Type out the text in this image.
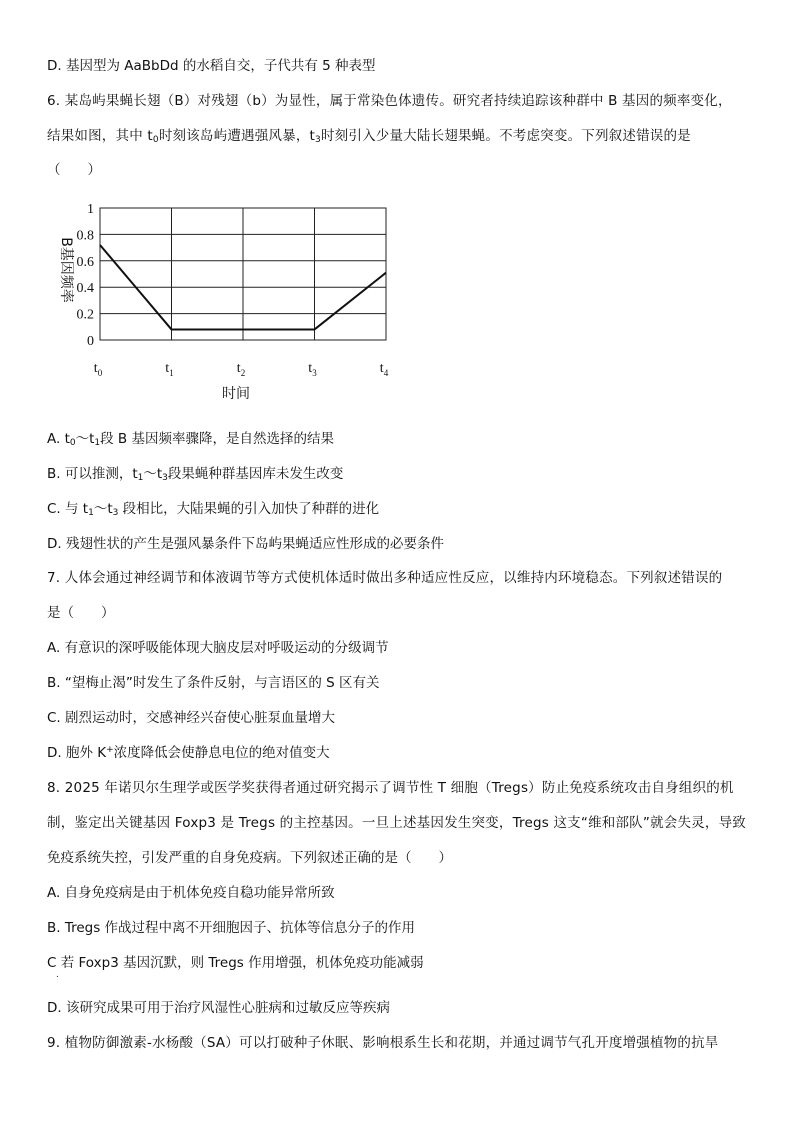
D. 基因型为 AaBbDd 的水稻自交，子代共有 5 种表型
6. 某岛屿果蝇长翅（B）对残翅（b）为显性，属于常染色体遗传。研究者持续追踪该种群中 B 基因的频率变化，
结果如图，其中 $t_0$时刻该岛屿遭遇强风暴，$t_3$时刻引入少量大陆长翅果蝇。不考虑突变。下列叙述错误的是
（　　）
1
0.8
0.6
0.4
0.2
0
$t_0$	$t_1$	$t_2$	$t_3$	$t_4$
B基因频率
时间
A. $t_0\sim t_1$段 B 基因频率骤降，是自然选择的结果
B. 可以推测，$t_1\sim t_3$段果蝇种群基因库未发生改变
C. 与 $t_1\sim t_3$ 段相比，大陆果蝇的引入加快了种群的进化
D. 残翅性状的产生是强风暴条件下岛屿果蝇适应性形成的必要条件
7. 人体会通过神经调节和体液调节等方式使机体适时做出多种适应性反应，以维持内环境稳态。下列叙述错误的
是（　　）
A. 有意识的深呼吸能体现大脑皮层对呼吸运动的分级调节
B. “望梅止渴”时发生了条件反射，与言语区的 S 区有关
C. 剧烈运动时，交感神经兴奋使心脏泵血量增大
D. 胞外 K+浓度降低会使静息电位的绝对值变大
8. 2025 年诺贝尔生理学或医学奖获得者通过研究揭示了调节性 T 细胞（Tregs）防止免疫系统攻击自身组织的机
制，鉴定出关键基因 Foxp3 是 Tregs 的主控基因。一旦上述基因发生突变，Tregs 这支“维和部队”就会失灵，导致
免疫系统失控，引发严重的自身免疫病。下列叙述正确的是（　　）
A. 自身免疫病是由于机体免疫自稳功能异常所致
B. Tregs 作战过程中离不开细胞因子、抗体等信息分子的作用
C 若 Foxp3 基因沉默，则 Tregs 作用增强，机体免疫功能减弱
.
D. 该研究成果可用于治疗风湿性心脏病和过敏反应等疾病
9. 植物防御激素-水杨酸（SA）可以打破种子休眠、影响根系生长和花期，并通过调节气孔开度增强植物的抗旱
